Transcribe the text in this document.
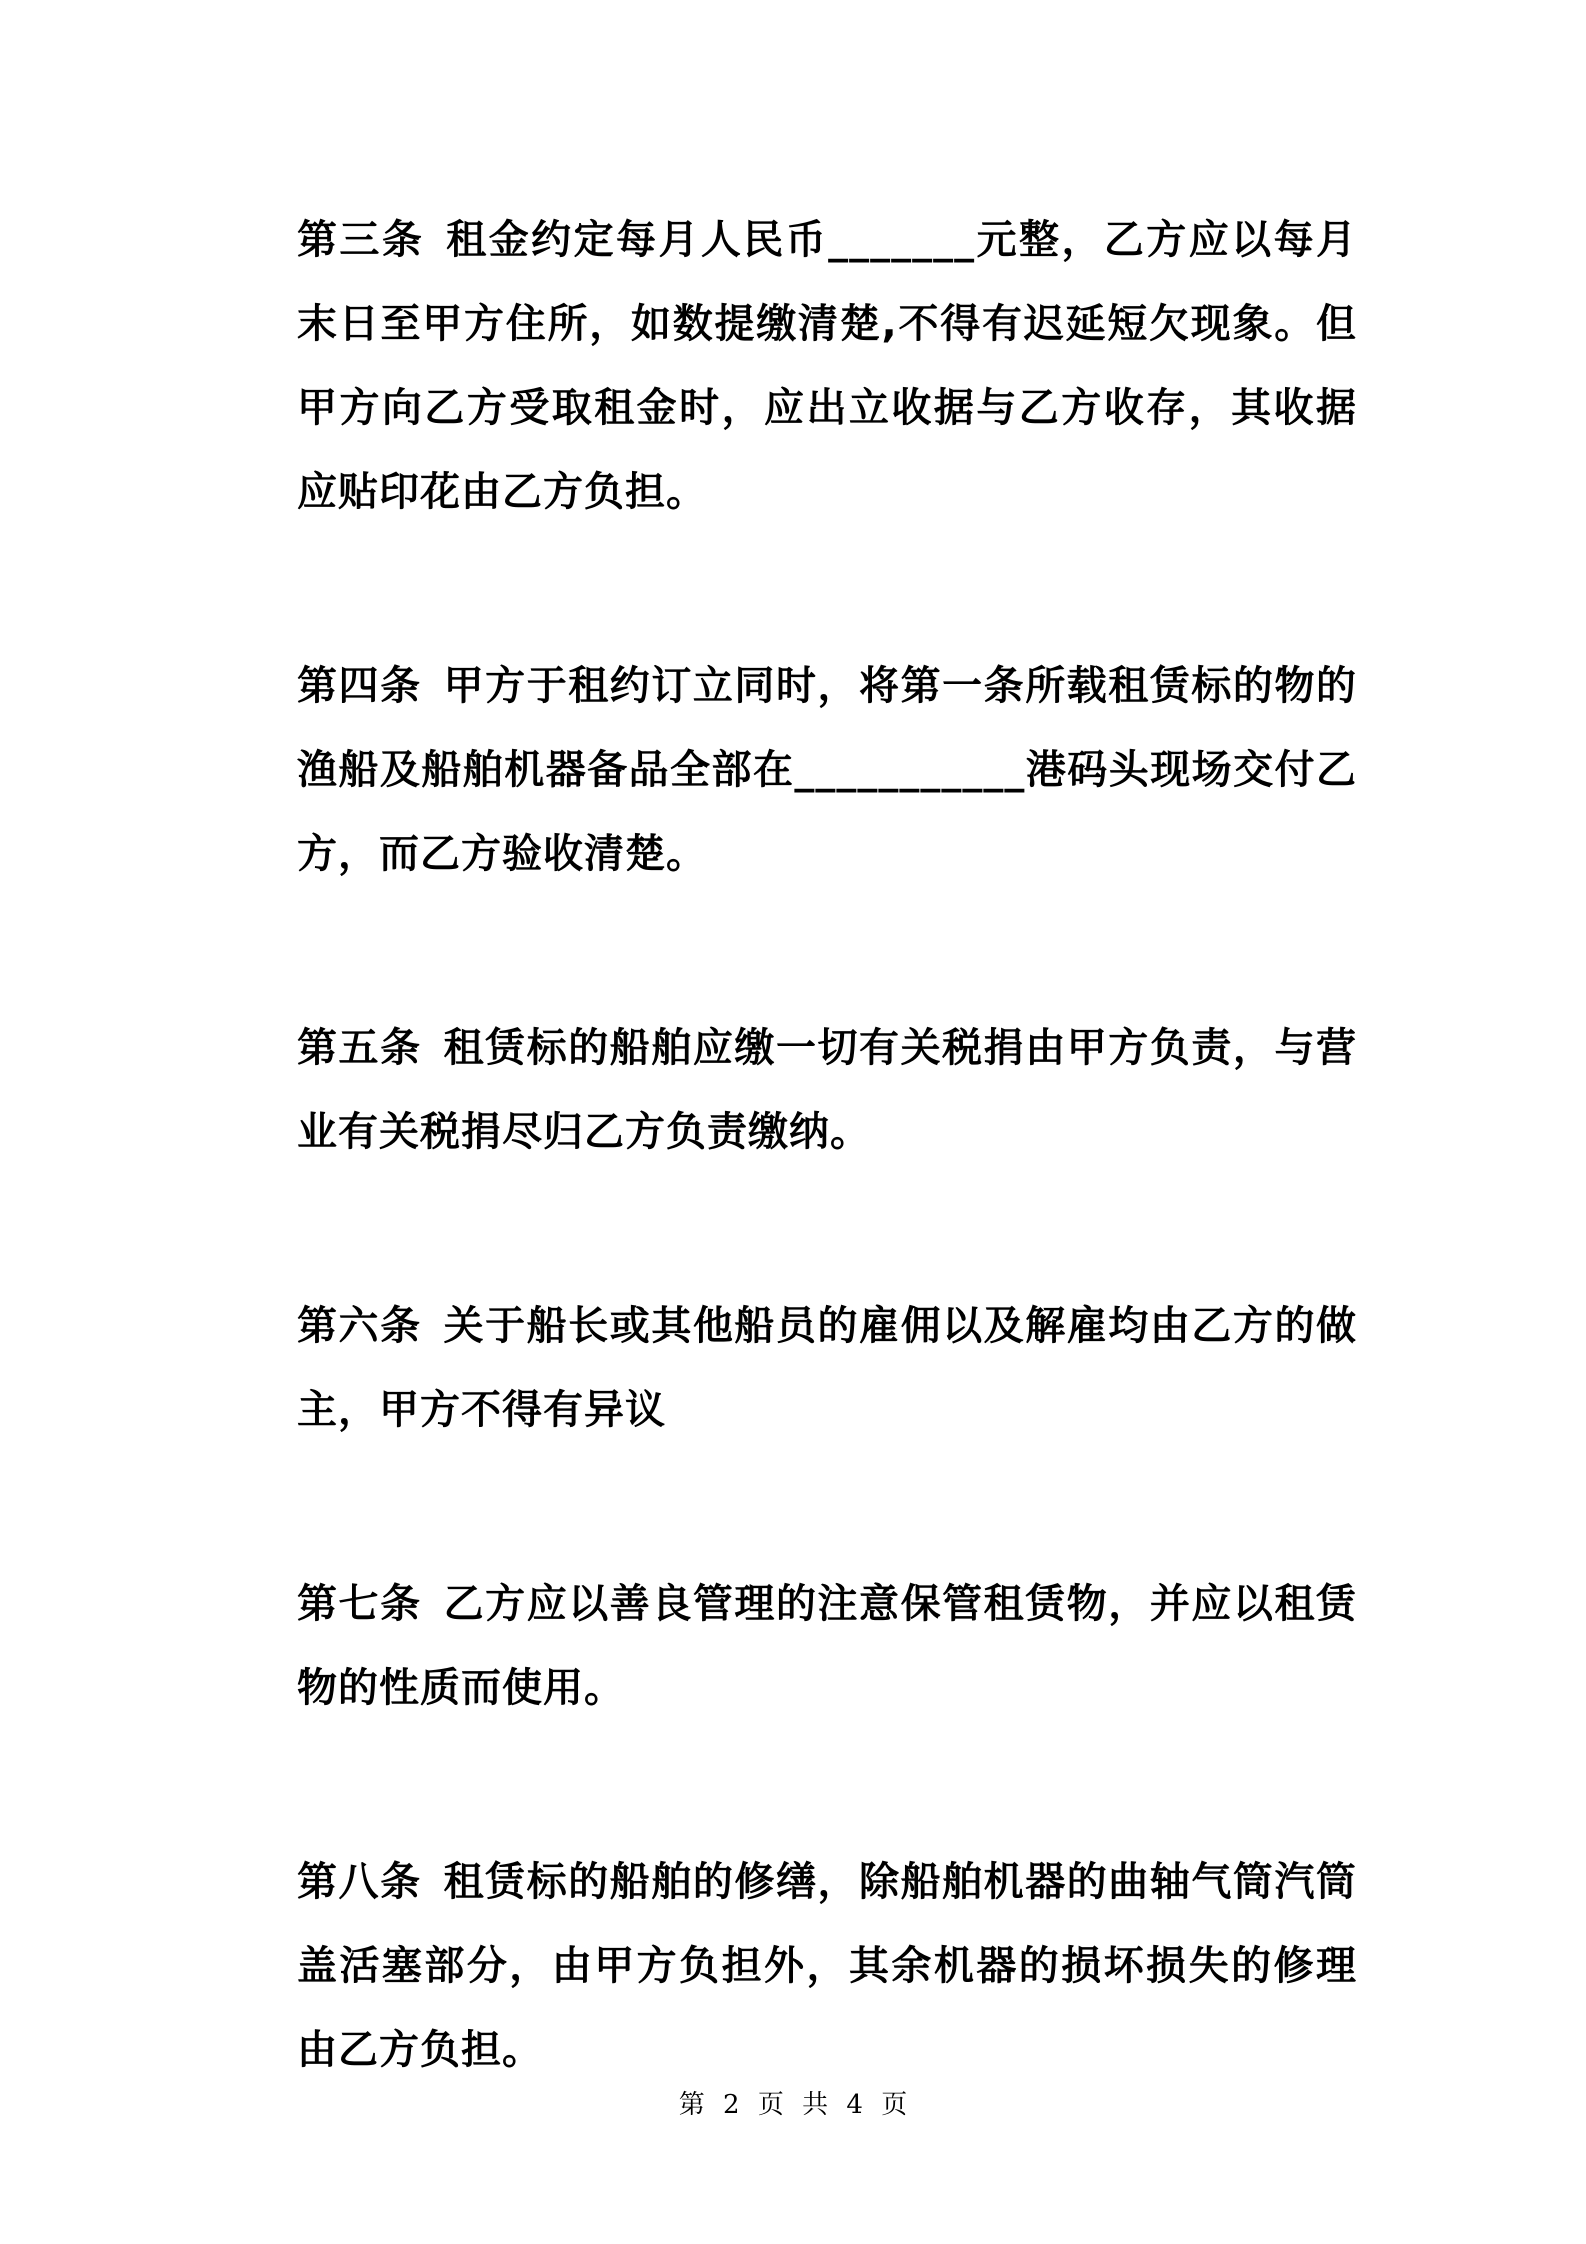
第三条 租金约定每月人民币_______元整，乙方应以每月末日至甲方住所，如数提缴清楚,不得有迟延短欠现象。但甲方向乙方受取租金时，应出立收据与乙方收存，其收据应贴印花由乙方负担。

第四条 甲方于租约订立同时，将第一条所载租赁标的物的渔船及船舶机器备品全部在___________港码头现场交付乙方，而乙方验收清楚。

第五条 租赁标的船舶应缴一切有关税捐由甲方负责，与营业有关税捐尽归乙方负责缴纳。

第六条 关于船长或其他船员的雇佣以及解雇均由乙方的做主，甲方不得有异议

第七条 乙方应以善良管理的注意保管租赁物，并应以租赁物的性质而使用。

第八条 租赁标的船舶的修缮，除船舶机器的曲轴气筒汽筒盖活塞部分，由甲方负担外，其余机器的损坏损失的修理由乙方负担。

第 2 页 共 4 页
